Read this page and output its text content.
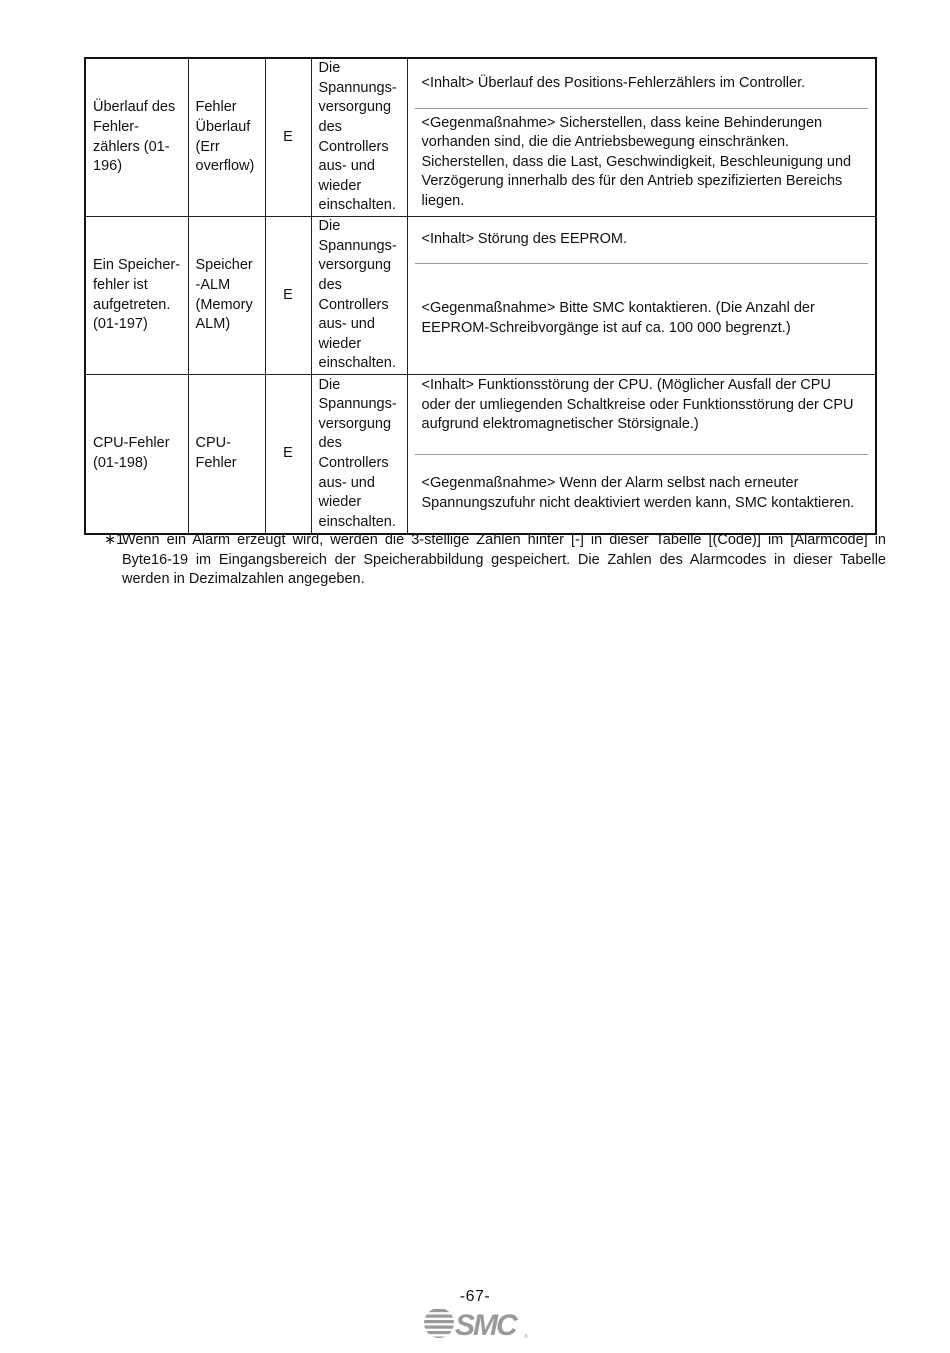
Überlauf des Fehler-zählers (01-196)	Fehler Überlauf (Err overflow)	E	Die Spannungs-versorgung des Controllers aus- und wieder einschalten.	<Inhalt> Überlauf des Positions-Fehlerzählers im Controller.
<Gegenmaßnahme> Sicherstellen, dass keine Behinderungen vorhanden sind, die die Antriebsbewegung einschränken. Sicherstellen, dass die Last, Geschwindigkeit, Beschleunigung und Verzögerung innerhalb des für den Antrieb spezifizierten Bereichs liegen.

Ein Speicher-fehler ist aufgetreten. (01-197)	Speicher -ALM (Memory ALM)	E	Die Spannungs-versorgung des Controllers aus- und wieder einschalten.	<Inhalt> Störung des EEPROM.
<Gegenmaßnahme> Bitte SMC kontaktieren. (Die Anzahl der EEPROM-Schreibvorgänge ist auf ca. 100 000 begrenzt.)

CPU-Fehler (01-198)	CPU-Fehler	E	Die Spannungs-versorgung des Controllers aus- und wieder einschalten.	<Inhalt> Funktionsstörung der CPU. (Möglicher Ausfall der CPU oder der umliegenden Schaltkreise oder Funktionsstörung der CPU aufgrund elektromagnetischer Störsignale.)
<Gegenmaßnahme> Wenn der Alarm selbst nach erneuter Spannungszufuhr nicht deaktiviert werden kann, SMC kontaktieren.
∗1Wenn ein Alarm erzeugt wird, werden die 3-stellige Zahlen hinter [-] in dieser Tabelle [(Code)] im [Alarmcode] in Byte16-19 im Eingangsbereich der Speicherabbildung gespeichert. Die Zahlen des Alarmcodes in dieser Tabelle werden in Dezimalzahlen angegeben.
-67-
SMC	®
